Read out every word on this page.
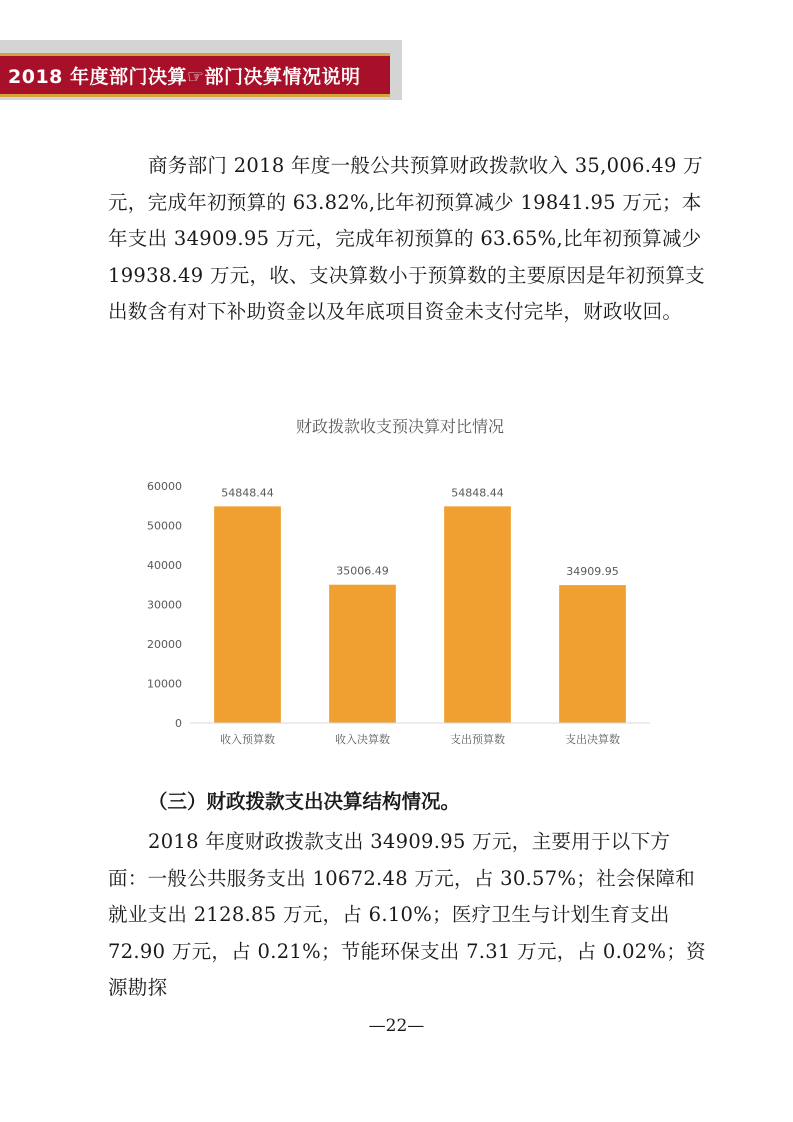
2018 年度部门决算☞部门决算情况说明

商务部门 2018 年度一般公共预算财政拨款收入 35,006.49 万元，完成年初预算的 63.82%,比年初预算减少 19841.95 万元；本年支出 34909.95 万元，完成年初预算的 63.65%,比年初预算减少 19938.49 万元，收、支决算数小于预算数的主要原因是年初预算支出数含有对下补助资金以及年底项目资金未支付完毕，财政收回。

财政拨款收支预决算对比情况
0
10000
20000
30000
40000
50000
60000	54848.44
35006.49
54848.44
34909.95
收入预算数	收入决算数	支出预算数	支出决算数

（三）财政拨款支出决算结构情况。

2018 年度财政拨款支出 34909.95 万元，主要用于以下方面：一般公共服务支出 10672.48 万元，占 30.57%；社会保障和就业支出 2128.85 万元，占 6.10%；医疗卫生与计划生育支出 72.90 万元，占 0.21%；节能环保支出 7.31 万元，占 0.02%；资源勘探

—22—
